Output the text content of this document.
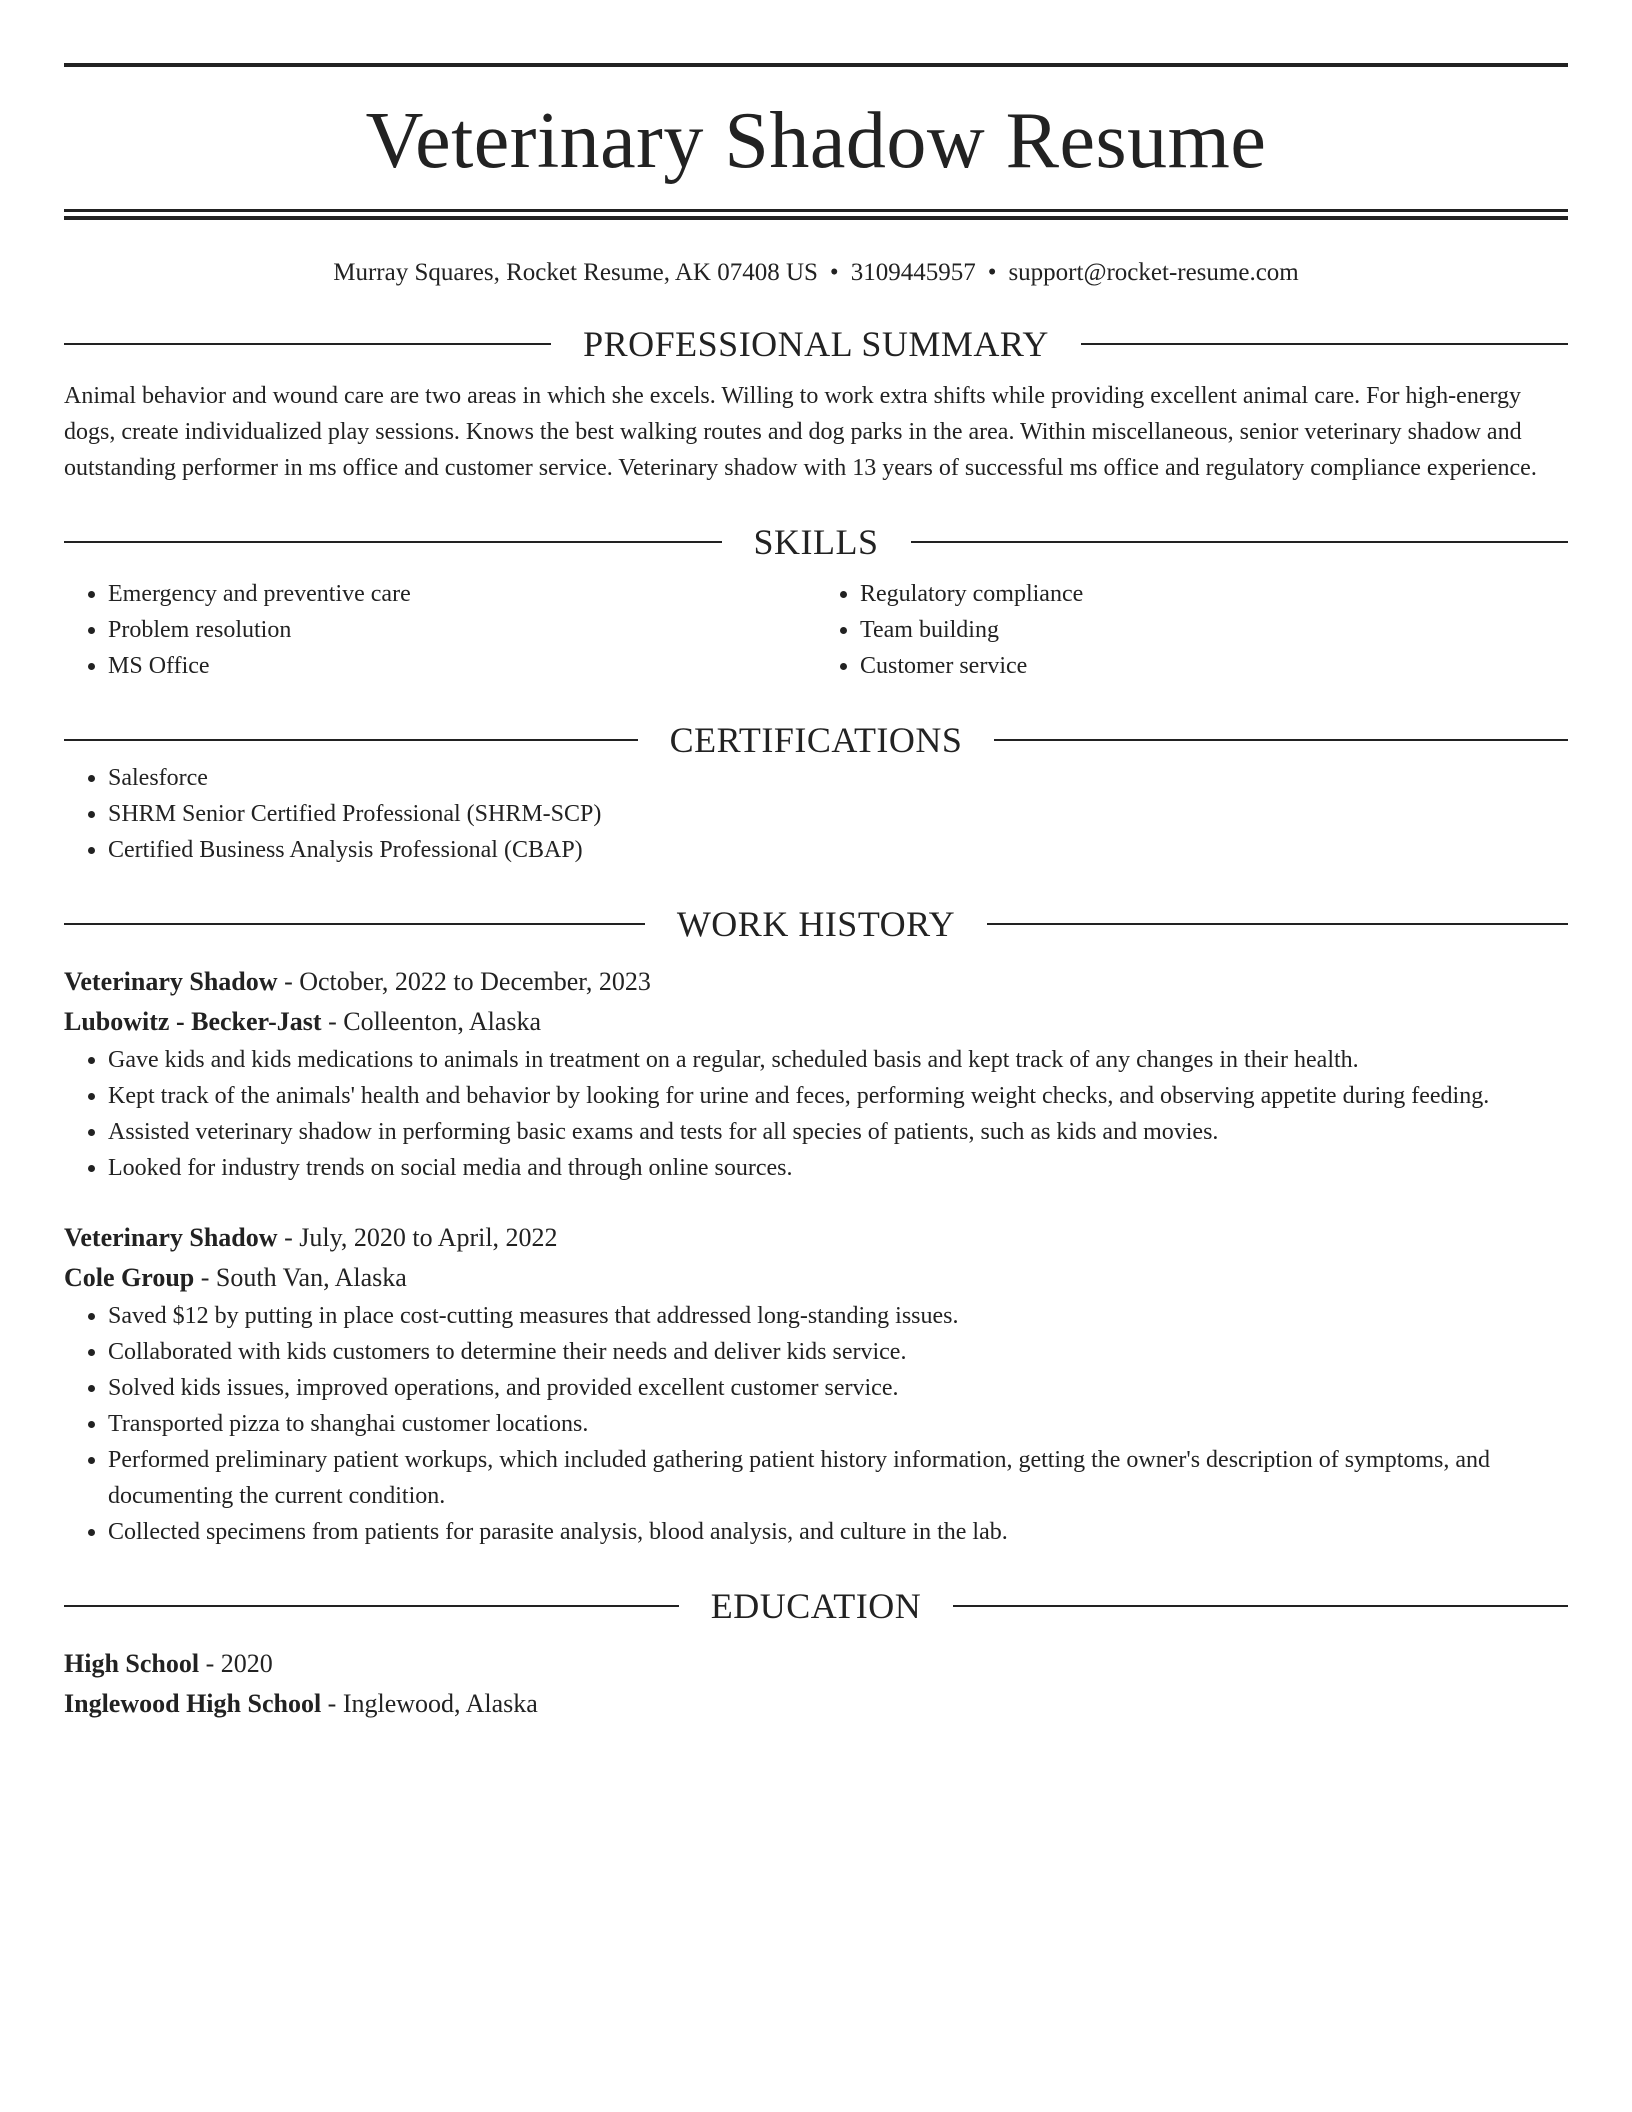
Veterinary Shadow Resume
Murray Squares, Rocket Resume, AK 07408 US • 3109445957 • support@rocket-resume.com
PROFESSIONAL SUMMARY
Animal behavior and wound care are two areas in which she excels. Willing to work extra shifts while providing excellent animal care. For high-energy dogs, create individualized play sessions. Knows the best walking routes and dog parks in the area. Within miscellaneous, senior veterinary shadow and outstanding performer in ms office and customer service. Veterinary shadow with 13 years of successful ms office and regulatory compliance experience.
SKILLS
• Emergency and preventive care
• Problem resolution
• MS Office
• Regulatory compliance
• Team building
• Customer service
CERTIFICATIONS
• Salesforce
• SHRM Senior Certified Professional (SHRM-SCP)
• Certified Business Analysis Professional (CBAP)
WORK HISTORY
Veterinary Shadow - October, 2022 to December, 2023
Lubowitz - Becker-Jast - Colleenton, Alaska
• Gave kids and kids medications to animals in treatment on a regular, scheduled basis and kept track of any changes in their health.
• Kept track of the animals' health and behavior by looking for urine and feces, performing weight checks, and observing appetite during feeding.
• Assisted veterinary shadow in performing basic exams and tests for all species of patients, such as kids and movies.
• Looked for industry trends on social media and through online sources.
Veterinary Shadow - July, 2020 to April, 2022
Cole Group - South Van, Alaska
• Saved $12 by putting in place cost-cutting measures that addressed long-standing issues.
• Collaborated with kids customers to determine their needs and deliver kids service.
• Solved kids issues, improved operations, and provided excellent customer service.
• Transported pizza to shanghai customer locations.
• Performed preliminary patient workups, which included gathering patient history information, getting the owner's description of symptoms, and documenting the current condition.
• Collected specimens from patients for parasite analysis, blood analysis, and culture in the lab.
EDUCATION
High School - 2020
Inglewood High School - Inglewood, Alaska
